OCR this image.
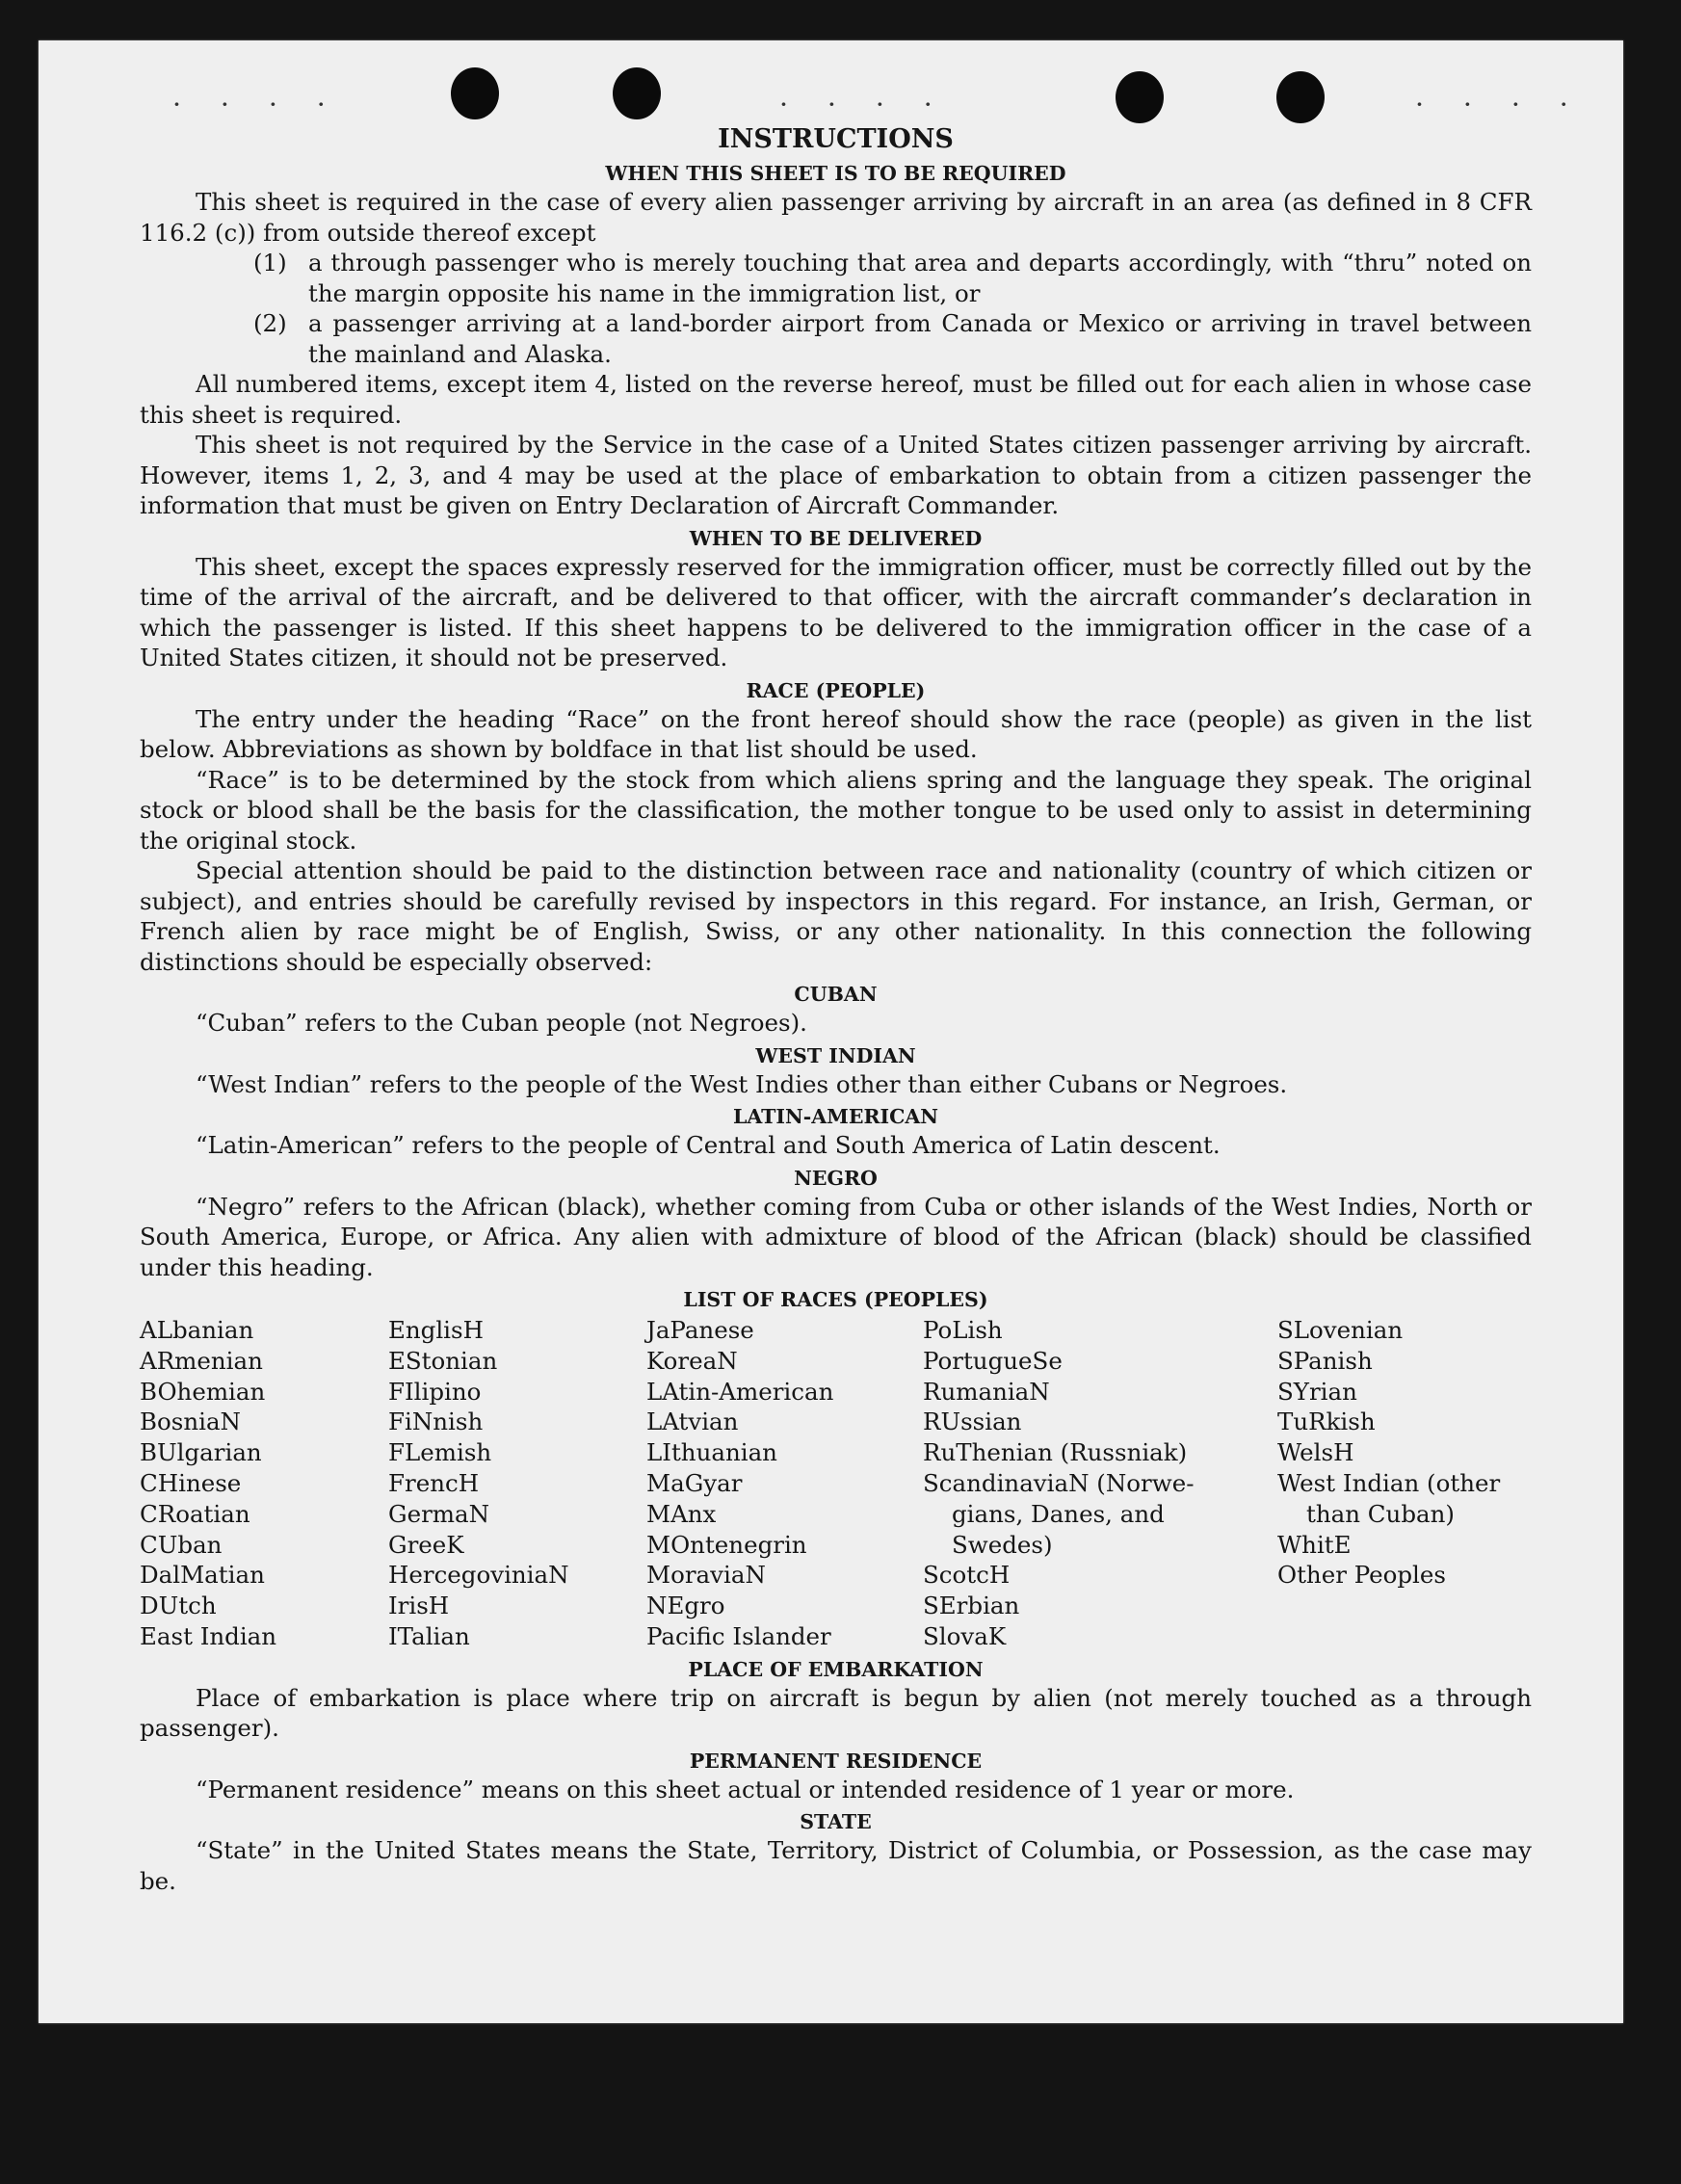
· · · ·	· · · ·	· · · ·
INSTRUCTIONS
WHEN THIS SHEET IS TO BE REQUIRED

This sheet is required in the case of every alien passenger arriving by aircraft in an area (as defined in 8 CFR 116.2 (c)) from outside thereof except

(1) a through passenger who is merely touching that area and departs accordingly, with “thru” noted on the margin opposite his name in the immigration list, or
(2) a passenger arriving at a land-border airport from Canada or Mexico or arriving in travel between the mainland and Alaska.

All numbered items, except item 4, listed on the reverse hereof, must be filled out for each alien in whose case this sheet is required.

This sheet is not required by the Service in the case of a United States citizen passenger arriving by aircraft. However, items 1, 2, 3, and 4 may be used at the place of embarkation to obtain from a citizen passenger the information that must be given on Entry Declaration of Aircraft Commander.

WHEN TO BE DELIVERED

This sheet, except the spaces expressly reserved for the immigration officer, must be correctly filled out by the time of the arrival of the aircraft, and be delivered to that officer, with the aircraft commander’s declaration in which the passenger is listed. If this sheet happens to be delivered to the immigration officer in the case of a United States citizen, it should not be preserved.

RACE (PEOPLE)

The entry under the heading “Race” on the front hereof should show the race (people) as given in the list below. Abbreviations as shown by boldface in that list should be used.

“Race” is to be determined by the stock from which aliens spring and the language they speak. The original stock or blood shall be the basis for the classification, the mother tongue to be used only to assist in determining the original stock.

Special attention should be paid to the distinction between race and nationality (country of which citizen or subject), and entries should be carefully revised by inspectors in this regard. For instance, an Irish, German, or French alien by race might be of English, Swiss, or any other nationality. In this connection the following distinctions should be especially observed:

CUBAN

“Cuban” refers to the Cuban people (not Negroes).

WEST INDIAN

“West Indian” refers to the people of the West Indies other than either Cubans or Negroes.

LATIN-AMERICAN

“Latin-American” refers to the people of Central and South America of Latin descent.

NEGRO

“Negro” refers to the African (black), whether coming from Cuba or other islands of the West Indies, North or South America, Europe, or Africa. Any alien with admixture of blood of the African (black) should be classified under this heading.

LIST OF RACES (PEOPLES)
ALbanian
ARmenian
BOhemian
BosniaN
BUlgarian
CHinese
CRoatian
CUban
DalMatian
DUtch
East Indian
EnglisH
EStonian
FIlipino
FiNnish
FLemish
FrencH
GermaN
GreeK
HercegoviniaN
IrisH
ITalian
JaPanese
KoreaN
LAtin-American
LAtvian
LIthuanian
MaGyar
MAnx
MOntenegrin
MoraviaN
NEgro
Pacific Islander
PoLish
PortugueSe
RumaniaN
RUssian
RuThenian (Russniak)
ScandinaviaN (Norwe-
gians, Danes, and
Swedes)
ScotcH
SErbian
SlovaK
SLovenian
SPanish
SYrian
TuRkish
WelsH
West Indian (other
than Cuban)
WhitE
Other Peoples
PLACE OF EMBARKATION

Place of embarkation is place where trip on aircraft is begun by alien (not merely touched as a through passenger).

PERMANENT RESIDENCE

“Permanent residence” means on this sheet actual or intended residence of 1 year or more.

STATE

“State” in the United States means the State, Territory, District of Columbia, or Possession, as the case may be.
